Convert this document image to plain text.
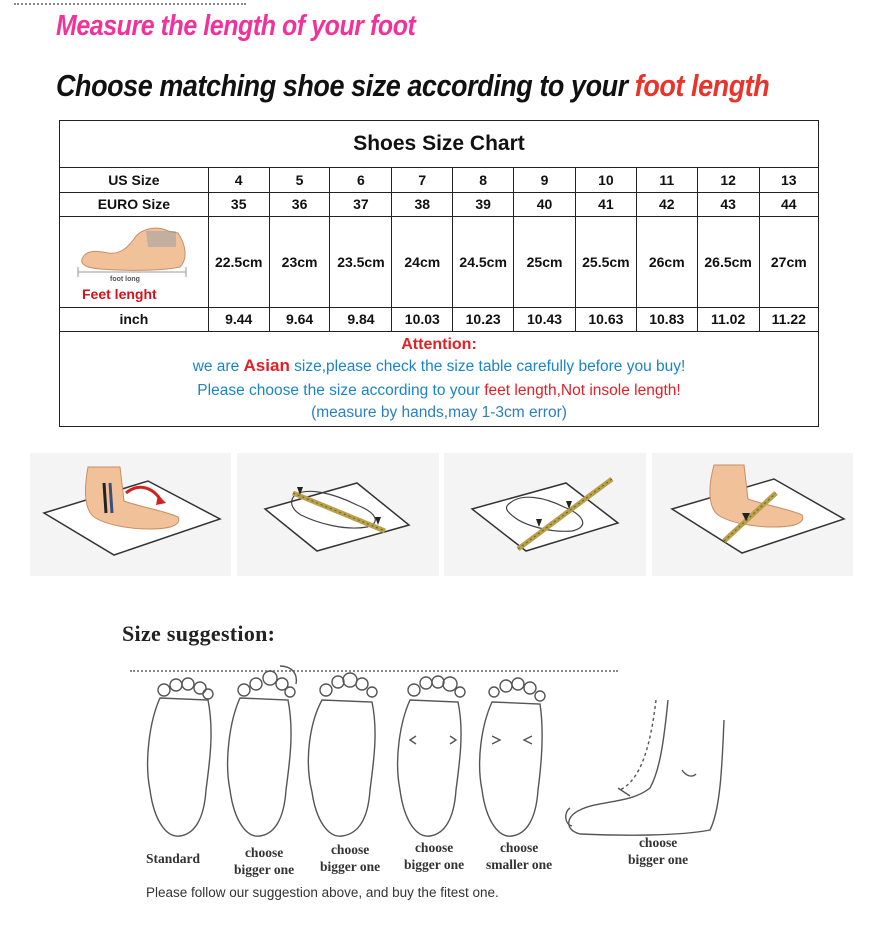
Measure the length of your foot
Choose matching shoe size according to your foot length
Shoes Size Chart
US Size	4	5	6	7	8	9	10	11	12	13
EURO Size	35	36	37	38	39	40	41	42	43	44

foot long
Feet lenght	22.5cm	23cm	23.5cm	24cm	24.5cm	25cm	25.5cm	26cm	26.5cm	27cm
inch	9.44	9.64	9.84	10.03	10.23	10.43	10.63	10.83	11.02	11.22
Attention:
we are Asian size,please check the size table carefully before you buy!
Please choose the size according to your feet length,Not insole length!
(measure by hands,may 1-3cm error)
Size suggestion:
Standard	choose
bigger one
choose
bigger one
choose
bigger one
choose
smaller one
choose
bigger one
Please follow our suggestion above, and buy the fitest one.
